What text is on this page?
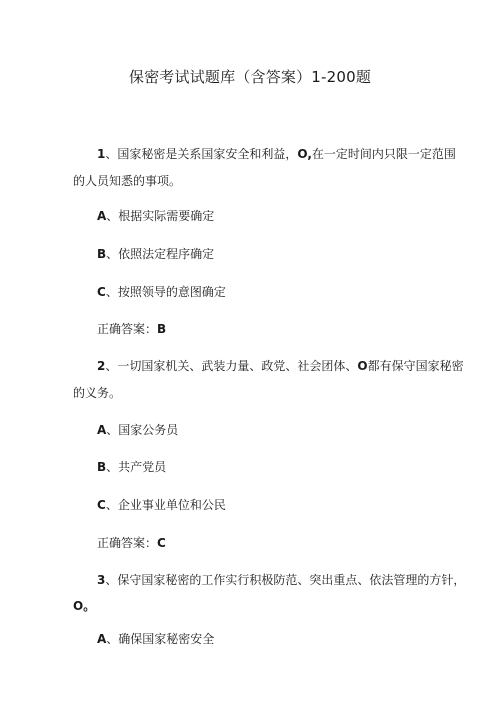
保密考试试题库（含答案）1-200题
1、国家秘密是关系国家安全和利益，O,在一定时间内只限一定范围
的人员知悉的事项。
A、根据实际需要确定
B、依照法定程序确定
C、按照领导的意图确定
正确答案：B
2、一切国家机关、武装力量、政党、社会团体、O都有保守国家秘密
的义务。
A、国家公务员
B、共产党员
C、企业事业单位和公民
正确答案：C
3、保守国家秘密的工作实行积极防范、突出重点、依法管理的方针，
O。
A、确保国家秘密安全
